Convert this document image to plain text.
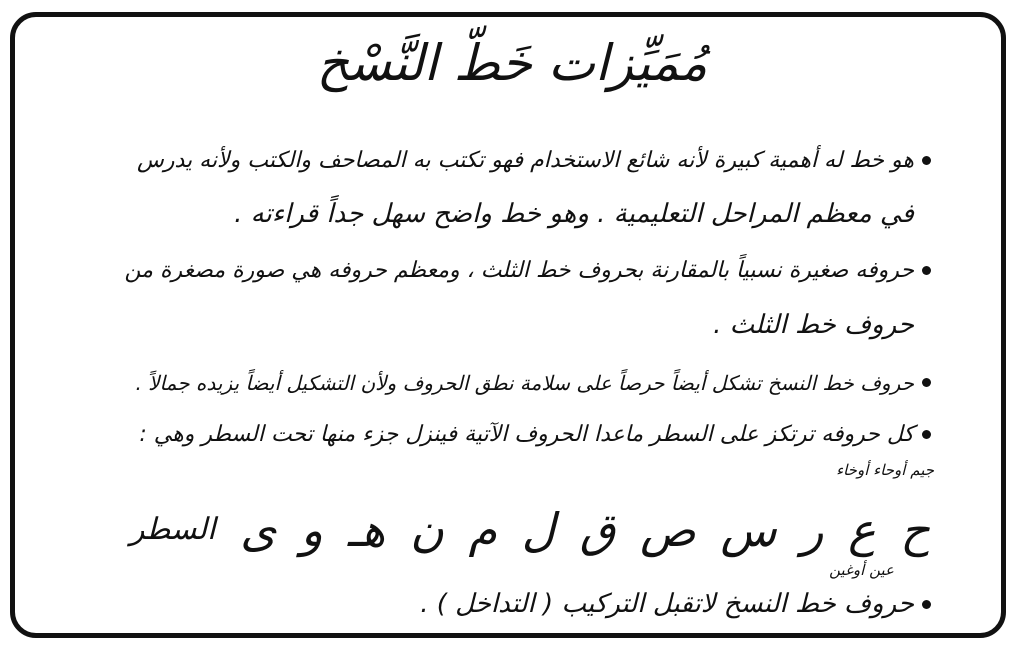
مُمَيِّزات خَطّ النَّسْخ
هو خط له أهمية كبيرة لأنه شائع الاستخدام فهو تكتب به المصاحف والكتب ولأنه يدرس
في معظم المراحل التعليمية . وهو خط واضح سهل جداً قراءته .
حروفه صغيرة نسبياً بالمقارنة بحروف خط الثلث ، ومعظم حروفه هي صورة مصغرة من
حروف خط الثلث .
حروف خط النسخ تشكل أيضاً حرصاً على سلامة نطق الحروف ولأن التشكيل أيضاً يزيده جمالاً .
كل حروفه ترتكز على السطر ماعدا الحروف الآتية فينزل جزء منها تحت السطر وهي :
جيم أوحاء أوخاء
ح
ع
ر
س
ص
ق
ل
م
ن
هـ
و
ى
السطر
عين أوغين
حروف خط النسخ لاتقبل التركيب ( التداخل ) .
